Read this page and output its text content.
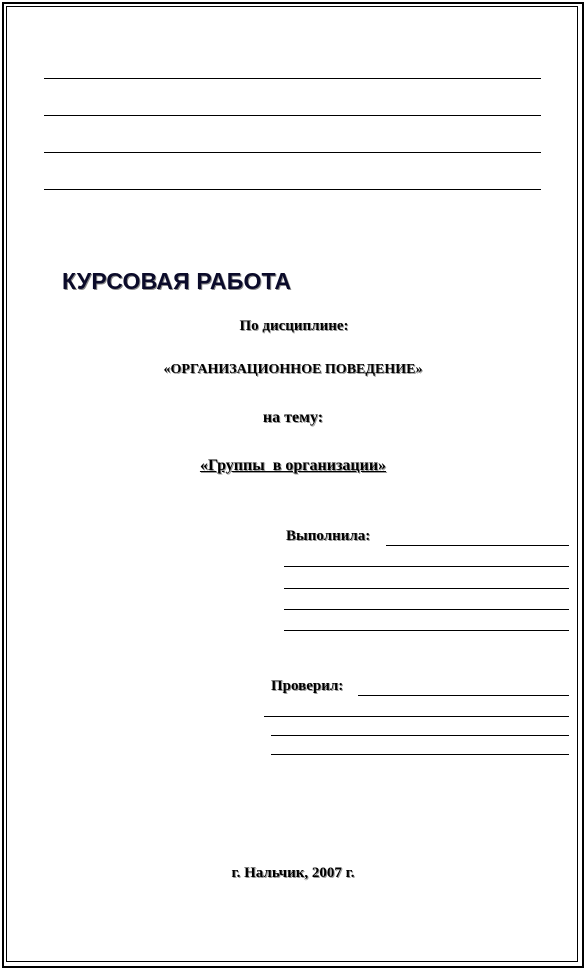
КУРСОВАЯ РАБОТА
По дисциплине:
«ОРГАНИЗАЦИОННОЕ ПОВЕДЕНИЕ»
на тему:
«Группы  в организации»
Выполнила:
Проверил:
г. Нальчик, 2007 г.
